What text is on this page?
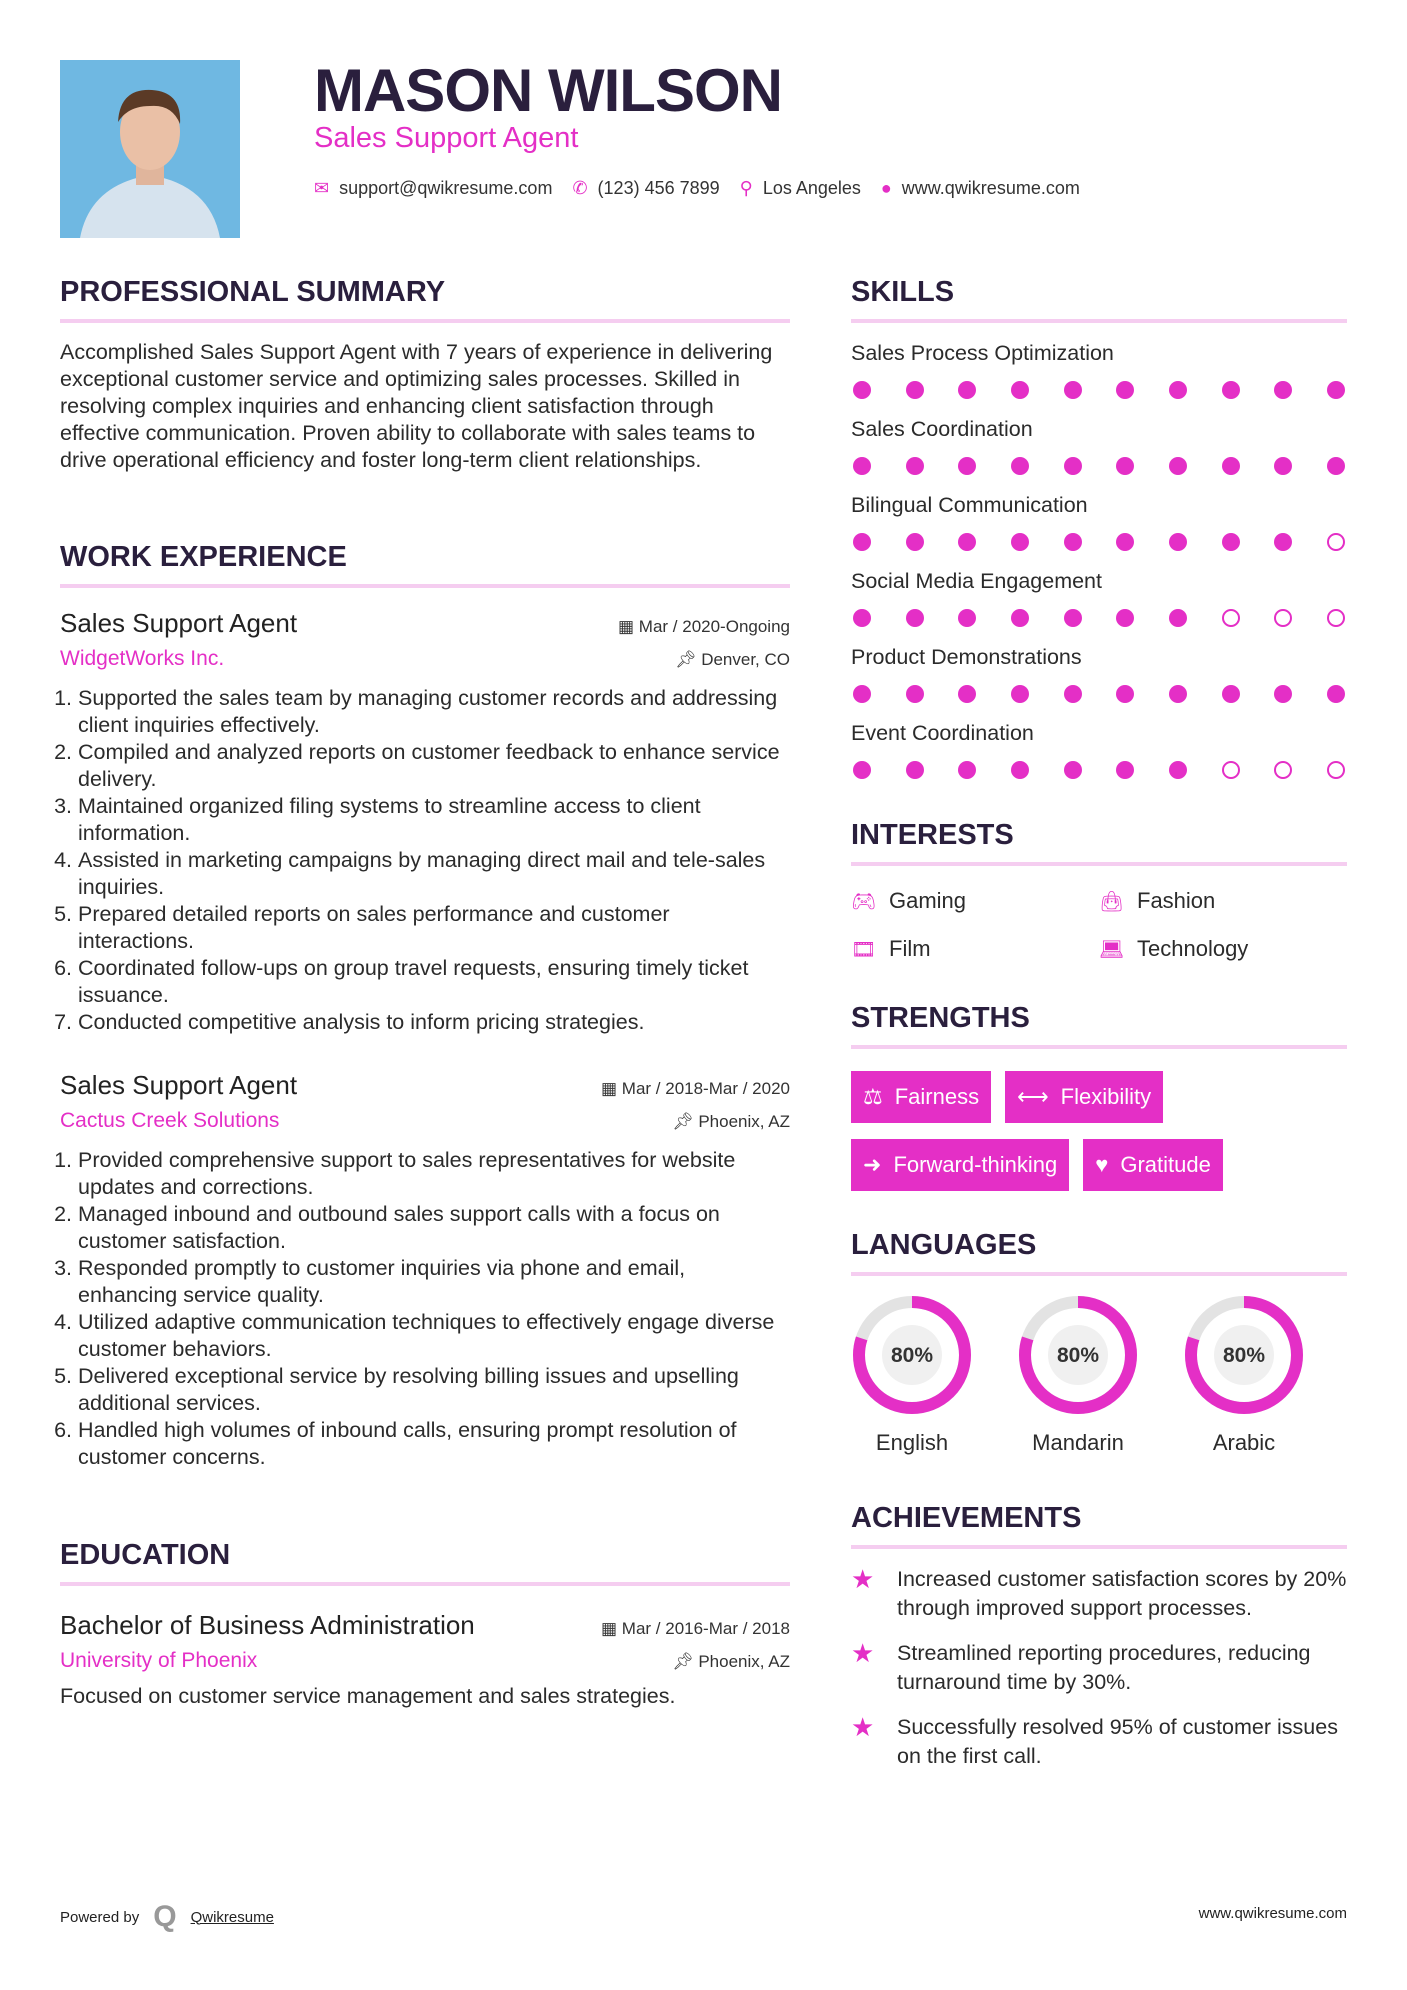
MASON WILSON
Sales Support Agent
✉ support@qwikresume.com ✆ (123) 456 7899 ⚲ Los Angeles ● www.qwikresume.com
PROFESSIONAL SUMMARY

Accomplished Sales Support Agent with 7 years of experience in delivering exceptional customer service and optimizing sales processes. Skilled in resolving complex inquiries and enhancing client satisfaction through effective communication. Proven ability to collaborate with sales teams to drive operational efficiency and foster long-term client relationships.

WORK EXPERIENCE
Sales Support Agent	▦ Mar / 2020-Ongoing
WidgetWorks Inc.	📌︎ Denver, CO
1. Supported the sales team by managing customer records and addressing client inquiries effectively.
2. Compiled and analyzed reports on customer feedback to enhance service delivery.
3. Maintained organized filing systems to streamline access to client information.
4. Assisted in marketing campaigns by managing direct mail and tele-sales inquiries.
5. Prepared detailed reports on sales performance and customer interactions.
6. Coordinated follow-ups on group travel requests, ensuring timely ticket issuance.
7. Conducted competitive analysis to inform pricing strategies.
Sales Support Agent	▦ Mar / 2018-Mar / 2020
Cactus Creek Solutions	📌︎ Phoenix, AZ
1. Provided comprehensive support to sales representatives for website updates and corrections.
2. Managed inbound and outbound sales support calls with a focus on customer satisfaction.
3. Responded promptly to customer inquiries via phone and email, enhancing service quality.
4. Utilized adaptive communication techniques to effectively engage diverse customer behaviors.
5. Delivered exceptional service by resolving billing issues and upselling additional services.
6. Handled high volumes of inbound calls, ensuring prompt resolution of customer concerns.
EDUCATION
Bachelor of Business Administration	▦ Mar / 2016-Mar / 2018
University of Phoenix	📌︎ Phoenix, AZ

Focused on customer service management and sales strategies.

SKILLS
Sales Process Optimization
Sales Coordination
Bilingual Communication
Social Media Engagement
Product Demonstrations
Event Coordination
INTERESTS
🎮︎ Gaming	👜︎ Fashion
🎞︎ Film	💻︎ Technology
STRENGTHS
⚖ Fairness ⟷ Flexibility
➜ Forward-thinking ♥ Gratitude
LANGUAGES
80%
English
80%
Mandarin
80%
Arabic
ACHIEVEMENTS
★	Increased customer satisfaction scores by 20% through improved support processes.
★	Streamlined reporting procedures, reducing turnaround time by 30%.
★	Successfully resolved 95% of customer issues on the first call.
Powered by Q Qwikresume	www.qwikresume.com
